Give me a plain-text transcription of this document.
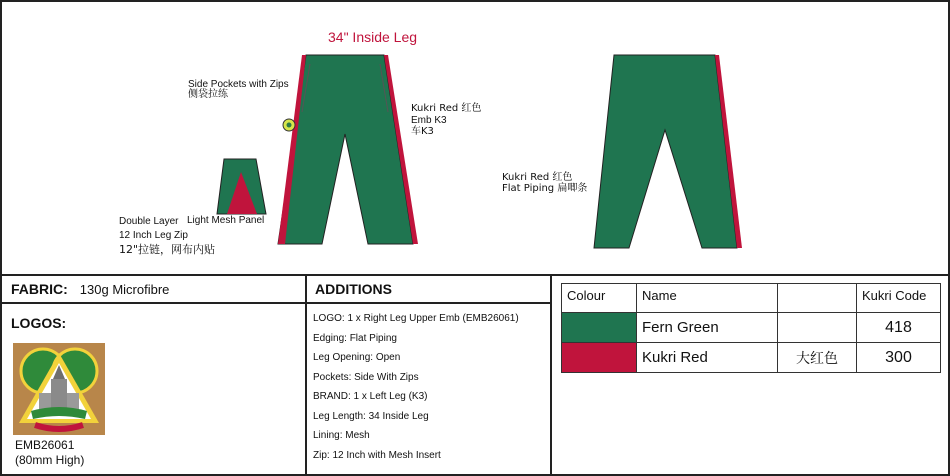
34" Inside Leg
Side Pockets with Zips
侧袋拉练
Kukri Red 红色
Emb K3
车K3
Double Layer Light Mesh Panel
12 Inch Leg Zip
12"拉链，网布内贴
Kukri Red 红色
Flat Piping 扁唧条
FABRIC: 130g Microfibre
LOGOS:
EMB26061
(80mm High)
ADDITIONS
LOGO: 1 x Right Leg Upper Emb (EMB26061)
Edging: Flat Piping
Leg Opening: Open
Pockets: Side With Zips
BRAND: 1 x Left Leg (K3)
Leg Length: 34 Inside Leg
Lining: Mesh
Zip: 12 Inch with Mesh Insert
Colour	Name		Kukri Code

	Fern Green		418

	Kukri Red	大红色	300
